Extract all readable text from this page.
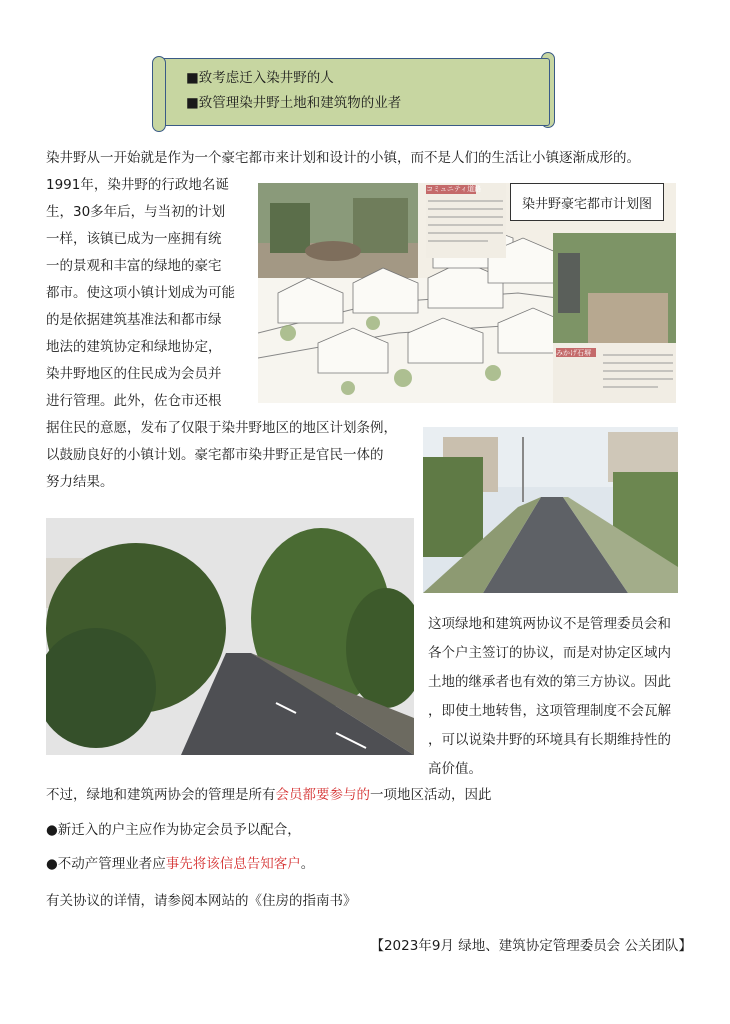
■致考虑迁入染井野的人
■致管理染井野土地和建筑物的业者
染井野从一开始就是作为一个豪宅都市来计划和设计的小镇，而不是人们的生活让小镇逐渐成形的。
1991年，染井野的行政地名诞
生，30多年后，与当初的计划
一样，该镇已成为一座拥有统
一的景观和丰富的绿地的豪宅
都市。使这项小镇计划成为可能
的是依据建筑基准法和都市绿
地法的建筑协定和绿地协定，
染井野地区的住民成为会员并
进行管理。此外，佐仓市还根
据住民的意愿，发布了仅限于染井野地区的地区计划条例，
以鼓励良好的小镇计划。豪宅都市染井野正是官民一体的
努力结果。
染井野豪宅都市计划图
コミュニティ道路
みかげ石塀
这项绿地和建筑两协议不是管理委员会和
各个户主签订的协议，而是对协定区域内
土地的继承者也有效的第三方协议。因此
，即使土地转售，这项管理制度不会瓦解
，可以说染井野的环境具有长期维持性的
高价值。
不过，绿地和建筑两协会的管理是所有会员都要参与的一项地区活动，因此
●新迁入的户主应作为协定会员予以配合，
●不动产管理业者应事先将该信息告知客户。
有关协议的详情，请参阅本网站的《住房的指南书》
【2023年9月 绿地、建筑协定管理委员会 公关团队】
